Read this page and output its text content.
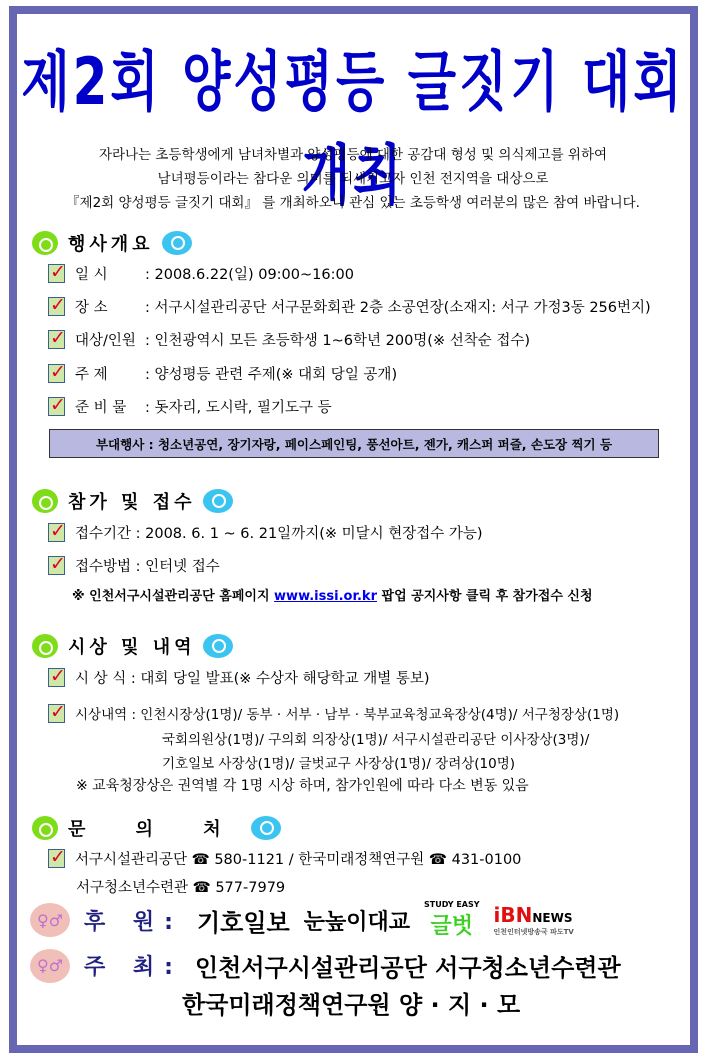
제2회 양성평등 글짓기 대회 개최
자라나는 초등학생에게 남녀차별과 양성평등에 대한 공감대 형성 및 의식제고를 위하여
남녀평등이라는 참다운 의미를 되새기고자 인천 전지역을 대상으로
『제2회 양성평등 글짓기 대회』 를 개최하오니 관심 있는 초등학생 여러분의 많은 참여 바랍니다.
행사개요
✓
일 시	: 2008.6.22(일) 09:00~16:00
✓
장 소	: 서구시설관리공단 서구문화회관 2층 소공연장(소재지: 서구 가정3동 256번지)
✓
대상/인원 : 인천광역시 모든 초등학생 1~6학년 200명(※ 선착순 접수)
✓
주 제	: 양성평등 관련 주제(※ 대회 당일 공개)
✓
준 비 물	: 돗자리, 도시락, 필기도구 등
부대행사 : 청소년공연, 장기자랑, 페이스페인팅, 풍선아트, 젠가, 캐스퍼 퍼즐, 손도장 찍기 등
참가 및 접수
✓
접수기간
: 2008. 6. 1 ~ 6. 21일까지(※ 미달시 현장접수 가능)
✓
접수방법
: 인터넷 접수
※ 인천서구시설관리공단 홈페이지 www.issi.or.kr 팝업 공지사항 클릭 후 참가접수 신청
시상 및 내역
✓
시 상 식
: 대회 당일 발표(※ 수상자 해당학교 개별 통보)
✓
시상내역
: 인천시장상(1명)/ 동부 · 서부 · 남부 · 북부교육청교육장상(4명)/ 서구청장상(1명)
국회의원상(1명)/ 구의회 의장상(1명)/ 서구시설관리공단 이사장상(3명)/
기호일보 사장상(1명)/ 글벗교구 사장상(1명)/ 장려상(10명)
※ 교육청장상은 권역별 각 1명 시상 하며, 참가인원에 따라 다소 변동 있음
문 의 처
✓
서구시설관리공단 ☎ 580-1121 / 한국미래정책연구원 ☎ 431-0100
서구청소년수련관 ☎ 577-7979
♀♂ 후 원: 기호일보 눈높이대교
STUDY EASY
글벗 iBNNEWS
인천인터넷방송국 파도TV
♀♂ 주 최: 인천서구시설관리공단 서구청소년수련관
한국미래정책연구원 양 · 지 · 모
